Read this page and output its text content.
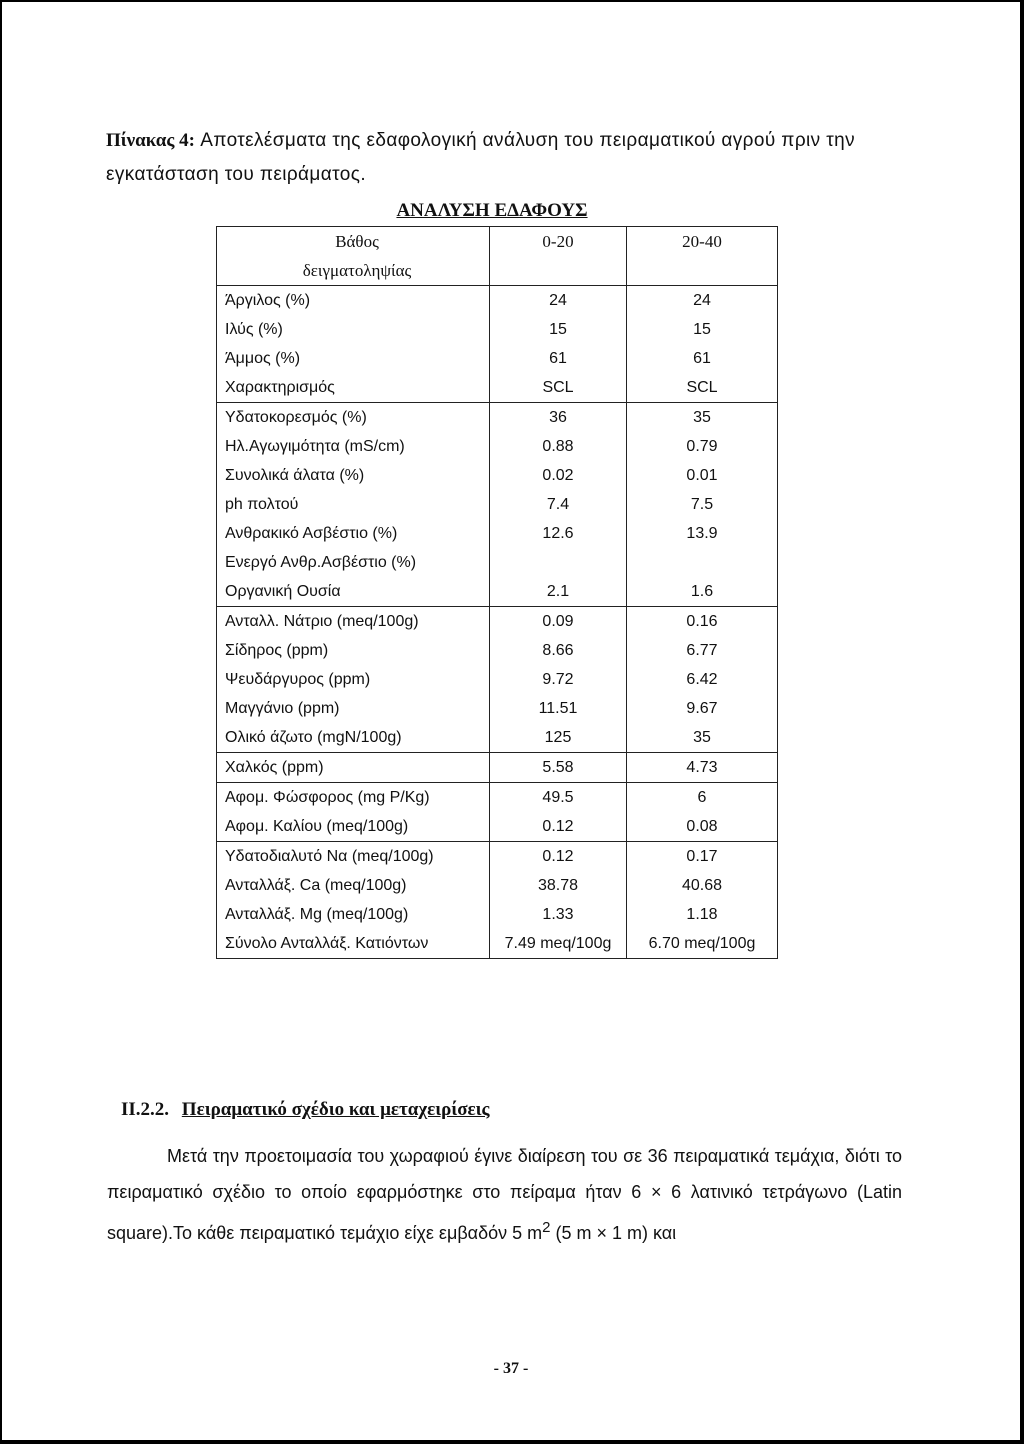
Πίνακας 4: Αποτελέσματα της εδαφολογική ανάλυση του πειραματικού αγρού πριν την εγκατάσταση του πειράματος.
ΑΝΑΛΥΣΗ ΕΔΑΦΟΥΣ
Βάθος	0-20	20-40
δειγματοληψίας		
Άργιλος (%)	24	24
Ιλύς (%)	15	15
Άμμος (%)	61	61
Χαρακτηρισμός	SCL	SCL
Υδατοκορεσμός (%)	36	35
Ηλ.Αγωγιμότητα (mS/cm)	0.88	0.79
Συνολικά άλατα (%)	0.02	0.01
ph πολτού	7.4	7.5
Ανθρακικό Ασβέστιο (%)	12.6	13.9
Ενεργό Ανθρ.Ασβέστιο (%)		
Οργανική Ουσία	2.1	1.6
Ανταλλ. Νάτριο (meq/100g)	0.09	0.16
Σίδηρος (ppm)	8.66	6.77
Ψευδάργυρος (ppm)	9.72	6.42
Μαγγάνιο (ppm)	11.51	9.67
Ολικό άζωτο (mgN/100g)	125	35
Χαλκός (ppm)	5.58	4.73
Αφομ. Φώσφορος (mg P/Kg)	49.5	6
Αφομ. Καλίου (meq/100g)	0.12	0.08
Υδατοδιαλυτό Να (meq/100g)	0.12	0.17
Ανταλλάξ. Ca (meq/100g)	38.78	40.68
Ανταλλάξ. Mg (meq/100g)	1.33	1.18
Σύνολο Ανταλλάξ. Κατιόντων	7.49 meq/100g	6.70 meq/100g
ΙΙ.2.2. Πειραματικό σχέδιο και μεταχειρίσεις
Μετά την προετοιμασία του χωραφιού έγινε διαίρεση του σε 36 πειραματικά τεμάχια, διότι το πειραματικό σχέδιο το οποίο εφαρμόστηκε στο πείραμα ήταν 6 × 6 λατινικό τετράγωνο (Latin square).Το κάθε πειραματικό τεμάχιο είχε εμβαδόν 5 $m^2$ (5 m × 1 m) και
- 37 -
